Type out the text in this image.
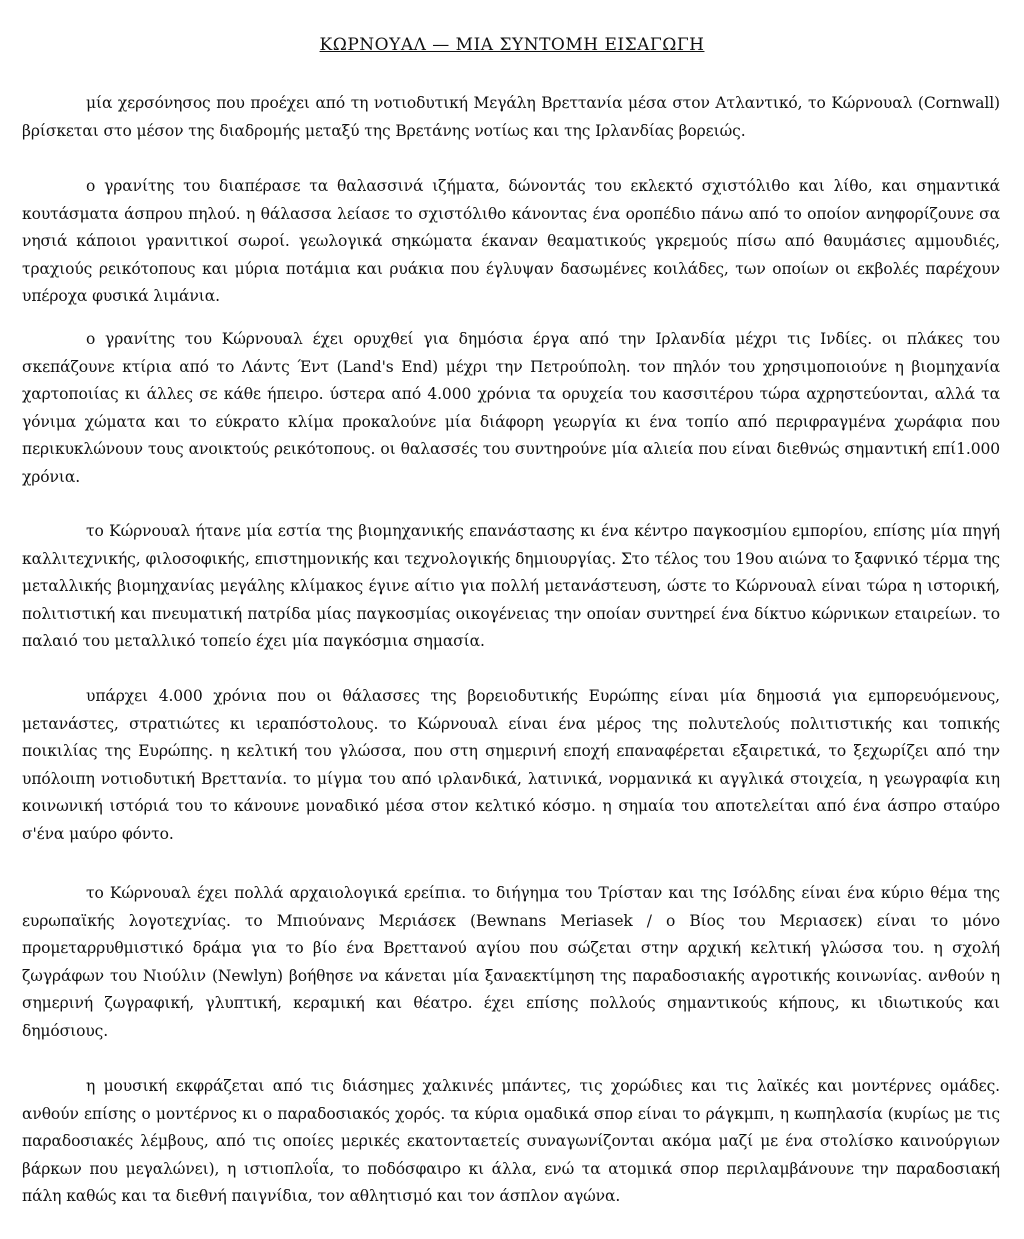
ΚΩΡΝΟΥΑΛ — ΜΙΑ ΣΥΝΤΟΜΗ ΕΙΣΑΓΩΓΗ

μία χερσόνησος που προέχει από τη νοτιοδυτική Μεγάλη Βρεττανία μέσα στον Ατλαντικό, το Κώρνουαλ (Cornwall) βρίσκεται στο μέσον της διαδρομής μεταξύ της Βρετάνης νοτίως και της Ιρλανδίας βορειώς.

ο γρανίτης του διαπέρασε τα θαλασσινά ιζήματα, δώνοντάς του εκλεκτό σχιστόλιθο και λίθο, και σημαντικά κουτάσματα άσπρου πηλού. η θάλασσα λείασε το σχιστόλιθο κάνοντας ένα οροπέδιο πάνω από το οποίον ανηφορίζουνε σα νησιά κάποιοι γρανιτικοί σωροί. γεωλογικά σηκώματα έκαναν θεαματικούς γκρεμούς πίσω από θαυμάσιες αμμουδιές, τραχιούς ρεικότοπους και μύρια ποτάμια και ρυάκια που έγλυψαν δασωμένες κοιλάδες, των οποίων οι εκβολές παρέχουν υπέροχα φυσικά λιμάνια.

ο γρανίτης του Κώρνουαλ έχει ορυχθεί για δημόσια έργα από την Ιρλανδία μέχρι τις Ινδίες. οι πλάκες του σκεπάζουνε κτίρια από το Λάντς Έντ (Land's End) μέχρι την Πετρούπολη. τον πηλόν του χρησιμοποιούνε η βιομηχανία χαρτοποιίας κι άλλες σε κάθε ήπειρο. ύστερα από 4.000 χρόνια τα ορυχεία του κασσιτέρου τώρα αχρηστεύονται, αλλά τα γόνιμα χώματα και το εύκρατο κλίμα προκαλούνε μία διάφορη γεωργία κι ένα τοπίο από περιφραγμένα χωράφια που περικυκλώνουν τους ανοικτούς ρεικότοπους. οι θαλασσές του συντηρούνε μία αλιεία που είναι διεθνώς σημαντική επί1.000 χρόνια.

το Κώρνουαλ ήτανε μία εστία της βιομηχανικής επανάστασης κι ένα κέντρο παγκοσμίου εμπορίου, επίσης μία πηγή καλλιτεχνικής, φιλοσοφικής, επιστημονικής και τεχνολογικής δημιουργίας. Στο τέλος του 19ου αιώνα το ξαφνικό τέρμα της μεταλλικής βιομηχανίας μεγάλης κλίμακος έγινε αίτιο για πολλή μετανάστευση, ώστε το Κώρνουαλ είναι τώρα η ιστορική, πολιτιστική και πνευματική πατρίδα μίας παγκοσμίας οικογένειας την οποίαν συντηρεί ένα δίκτυο κώρνικων εταιρείων. το παλαιό του μεταλλικό τοπείο έχει μία παγκόσμια σημασία.

υπάρχει 4.000 χρόνια που οι θάλασσες της βορειοδυτικής Ευρώπης είναι μία δημοσιά για εμπορευόμενους, μετανάστες, στρατιώτες κι ιεραπόστολους. το Κώρνουαλ είναι ένα μέρος της πολυτελούς πολιτιστικής και τοπικής ποικιλίας της Ευρώπης. η κελτική του γλώσσα, που στη σημερινή εποχή επαναφέρεται εξαιρετικά, το ξεχωρίζει από την υπόλοιπη νοτιοδυτική Βρεττανία. το μίγμα του από ιρλανδικά, λατινικά, νορμανικά κι αγγλικά στοιχεία, η γεωγραφία κιη κοινωνική ιστόριά του το κάνουνε μοναδικό μέσα στον κελτικό κόσμο. η σημαία του αποτελείται από ένα άσπρο σταύρο σ'ένα μαύρο φόντο.

το Κώρνουαλ έχει πολλά αρχαιολογικά ερείπια. το διήγημα του Τρίσταν και της Ισόλδης είναι ένα κύριο θέμα της ευρωπαϊκής λογοτεχνίας. το Μπιούνανς Μεριάσεκ (Bewnans Meriasek / ο Βίος του Μεριασεκ) είναι το μόνο προμεταρρυθμιστικό δράμα για το βίο ένα Βρεττανού αγίου που σώζεται στην αρχική κελτική γλώσσα του. η σχολή ζωγράφων του Νιούλιν (Newlyn) βοήθησε να κάνεται μία ξαναεκτίμηση της παραδοσιακής αγροτικής κοινωνίας. ανθούν η σημερινή ζωγραφική, γλυπτική, κεραμική και θέατρο. έχει επίσης πολλούς σημαντικούς κήπους, κι ιδιωτικούς και δημόσιους.

η μουσική εκφράζεται από τις διάσημες χαλκινές μπάντες, τις χορώδιες και τις λαϊκές και μοντέρνες ομάδες. ανθούν επίσης ο μοντέρνος κι ο παραδοσιακός χορός. τα κύρια ομαδικά σπορ είναι το ράγκμπι, η κωπηλασία (κυρίως με τις παραδοσιακές λέμβους, από τις οποίες μερικές εκατονταετείς συναγωνίζονται ακόμα μαζί με ένα στολίσκο καινούργιων βάρκων που μεγαλώνει), η ιστιοπλοΐα, το ποδόσφαιρο κι άλλα, ενώ τα ατομικά σπορ περιλαμβάνουνε την παραδοσιακή πάλη καθώς και τα διεθνή παιγνίδια, τον αθλητισμό και τον άσπλον αγώνα.
